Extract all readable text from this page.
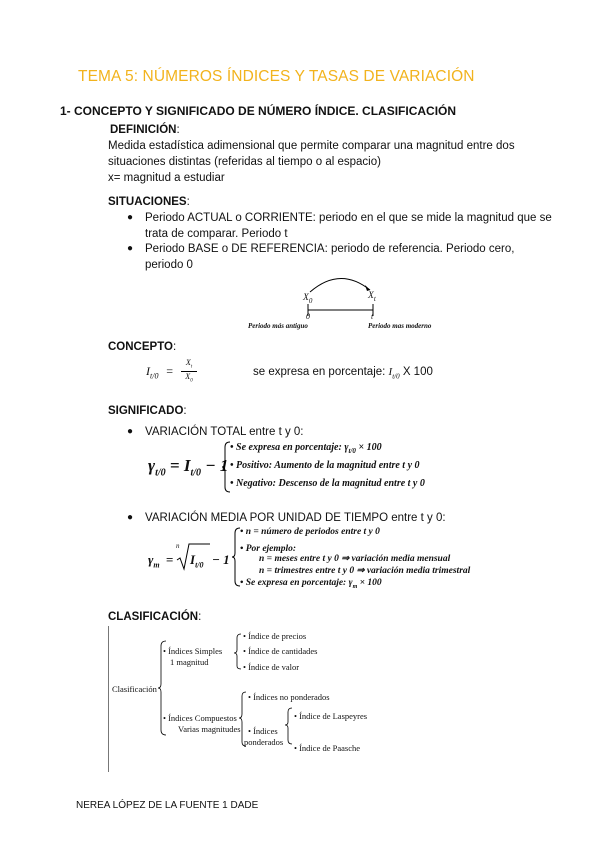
TEMA 5: NÚMEROS ÍNDICES Y TASAS DE VARIACIÓN
1- CONCEPTO Y SIGNIFICADO DE NÚMERO ÍNDICE. CLASIFICACIÓN
DEFINICIÓN:
Medida estadística adimensional que permite comparar una magnitud entre dos
situaciones distintas (referidas al tiempo o al espacio)
x= magnitud a estudiar
SITUACIONES:
● Periodo ACTUAL o CORRIENTE: periodo en el que se mide la magnitud que se
trata de comparar. Periodo t
● Periodo BASE o DE REFERENCIA: periodo de referencia. Periodo cero,
periodo 0
$X_0$	$X_t$
0	t
Periodo más antiguo	Periodo mas moderno
CONCEPTO:
$I_{t/0}$ =
$X_t$
$X_0$
se expresa en porcentaje: $I_{t/0}$ X 100
SIGNIFICADO:
● VARIACIÓN TOTAL entre t y 0:
$\gamma_{t/0} = I_{t/0} - 1$
• Se expresa en porcentaje: $\gamma_{t/0} \times 100$
• Positivo: Aumento de la magnitud entre t y 0
• Negativo: Descenso de la magnitud entre t y 0
● VARIACIÓN MEDIA POR UNIDAD DE TIEMPO entre t y 0:
$\gamma_m$ =
n
$I_{t/0} - 1$
• n = número de periodos entre t y 0
• Por ejemplo:
n = meses entre t y 0 ⇒ variación media mensual
n = trimestres entre t y 0 ⇒ variación media trimestral
• Se expresa en porcentaje: $\gamma_m \times 100$
CLASIFICACIÓN:
Clasificación
• Índices Simples
1 magnitud
• Índice de precios
• Índice de cantidades
• Índice de valor
• Índices Compuestos
Varias magnitudes
• Índices no ponderados
• Índices
ponderados
• Índice de Laspeyres
• Índice de Paasche
NEREA LÓPEZ DE LA FUENTE 1 DADE
